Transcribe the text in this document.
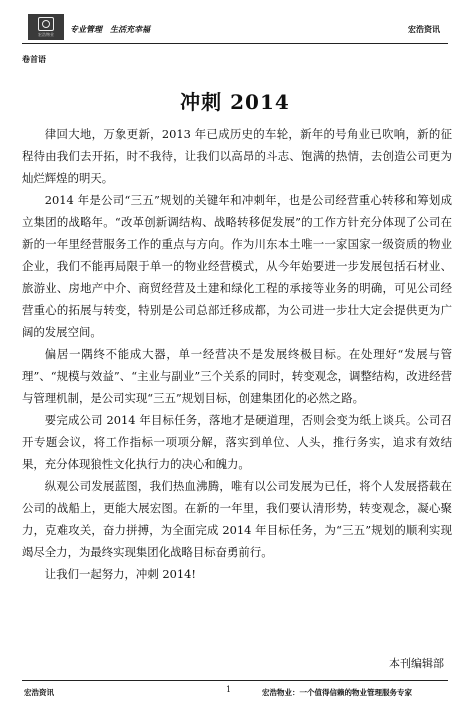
宏浩物业 专业管理　生活充幸福	宏浩资讯
卷首语
冲刺 2014

律回大地，万象更新，2013 年已成历史的车轮，新年的号角业已吹响，新的征程待由我们去开拓，时不我待，让我们以高昂的斗志、饱满的热情，去创造公司更为灿烂辉煌的明天。

2014 年是公司“三五”规划的关键年和冲刺年，也是公司经营重心转移和筹划成立集团的战略年。“改革创新调结构、战略转移促发展”的工作方针充分体现了公司在新的一年里经营服务工作的重点与方向。作为川东本土唯一一家国家一级资质的物业企业，我们不能再局限于单一的物业经营模式，从今年始要进一步发展包括石材业、旅游业、房地产中介、商贸经营及土建和绿化工程的承接等业务的明确，可见公司经营重心的拓展与转变，特别是公司总部迁移成都，为公司进一步壮大定会提供更为广阔的发展空间。

偏居一隅终不能成大器，单一经营决不是发展终极目标。在处理好“发展与管理”、“规模与效益”、“主业与副业”三个关系的同时，转变观念，调整结构，改进经营与管理机制，是公司实现“三五”规划目标，创建集团化的必然之路。

要完成公司 2014 年目标任务，落地才是硬道理，否则会变为纸上谈兵。公司召开专题会议，将工作指标一项项分解，落实到单位、人头，推行务实，追求有效结果，充分体现狼性文化执行力的决心和魄力。

纵观公司发展蓝图，我们热血沸腾，唯有以公司发展为已任，将个人发展搭载在公司的战船上，更能大展宏图。在新的一年里，我们要认清形势，转变观念，凝心聚力，克难攻关，奋力拼搏，为全面完成 2014 年目标任务，为“三五”规划的顺利实现竭尽全力，为最终实现集团化战略目标奋勇前行。

让我们一起努力，冲刺 2014!

本刊编辑部
宏浩资讯	1	宏浩物业：一个值得信赖的物业管理服务专家
